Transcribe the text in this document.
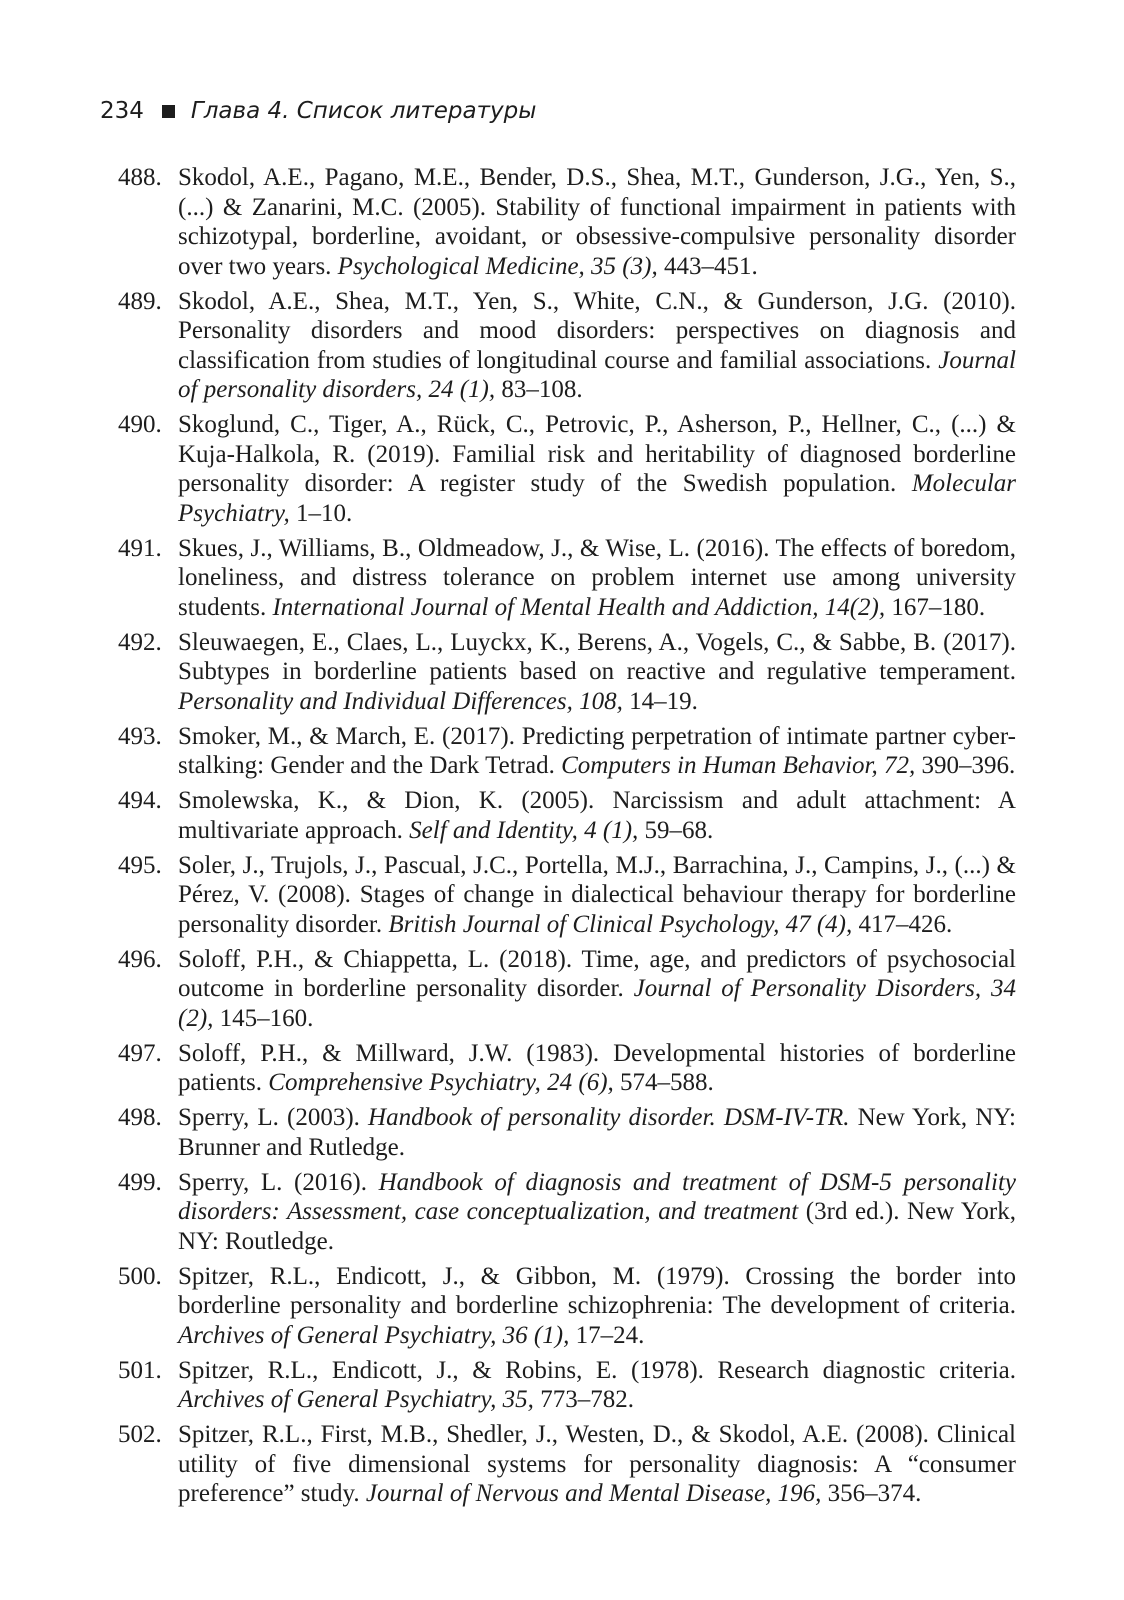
234 Глава 4. Список литературы
488. Skodol, A.E., Pagano, M.E., Bender, D.S., Shea, M.T., Gunderson, J.G., Yen, S., (...) & Zanarini, M.C. (2005). Stability of functional impairment in patients with schizotypal, borderline, avoidant, or obsessive-compulsive personality disorder over two years. Psychological Medicine, 35 (3), 443–451.
489. Skodol, A.E., Shea, M.T., Yen, S., White, C.N., & Gunderson, J.G. (2010). Personality disorders and mood disorders: perspectives on diagnosis and classification from studies of longitudinal course and familial associations. Journal of personality disorders, 24 (1), 83–108.
490. Skoglund, C., Tiger, A., Rück, C., Petrovic, P., Asherson, P., Hellner, C., (...) & Kuja-Halkola, R. (2019). Familial risk and heritability of diagnosed borderline personality disorder: A register study of the Swedish population. Molecular Psychiatry, 1–10.
491. Skues, J., Williams, B., Oldmeadow, J., & Wise, L. (2016). The effects of boredom, loneliness, and distress tolerance on problem internet use among university students. International Journal of Mental Health and Addiction, 14(2), 167–180.
492. Sleuwaegen, E., Claes, L., Luyckx, K., Berens, A., Vogels, C., & Sabbe, B. (2017). Subtypes in borderline patients based on reactive and regulative temperament. Personality and Individual Differences, 108, 14–19.
493. Smoker, M., & March, E. (2017). Predicting perpetration of intimate partner cyber-stalking: Gender and the Dark Tetrad. Computers in Human Behavior, 72, 390–396.
494. Smolewska, K., & Dion, K. (2005). Narcissism and adult attachment: A multivariate approach. Self and Identity, 4 (1), 59–68.
495. Soler, J., Trujols, J., Pascual, J.C., Portella, M.J., Barrachina, J., Campins, J., (...) & Pérez, V. (2008). Stages of change in dialectical behaviour therapy for borderline personality disorder. British Journal of Clinical Psychology, 47 (4), 417–426.
496. Soloff, P.H., & Chiappetta, L. (2018). Time, age, and predictors of psychosocial outcome in borderline personality disorder. Journal of Personality Disorders, 34 (2), 145–160.
497. Soloff, P.H., & Millward, J.W. (1983). Developmental histories of borderline patients. Comprehensive Psychiatry, 24 (6), 574–588.
498. Sperry, L. (2003). Handbook of personality disorder. DSM-IV-TR. New York, NY: Brunner and Rutledge.
499. Sperry, L. (2016). Handbook of diagnosis and treatment of DSM-5 personality disorders: Assessment, case conceptualization, and treatment (3rd ed.). New York, NY: Routledge.
500. Spitzer, R.L., Endicott, J., & Gibbon, M. (1979). Crossing the border into borderline personality and borderline schizophrenia: The development of criteria. Archives of General Psychiatry, 36 (1), 17–24.
501. Spitzer, R.L., Endicott, J., & Robins, E. (1978). Research diagnostic criteria. Archives of General Psychiatry, 35, 773–782.
502. Spitzer, R.L., First, M.B., Shedler, J., Westen, D., & Skodol, A.E. (2008). Clinical utility of five dimensional systems for personality diagnosis: A “consumer preference” study. Journal of Nervous and Mental Disease, 196, 356–374.
